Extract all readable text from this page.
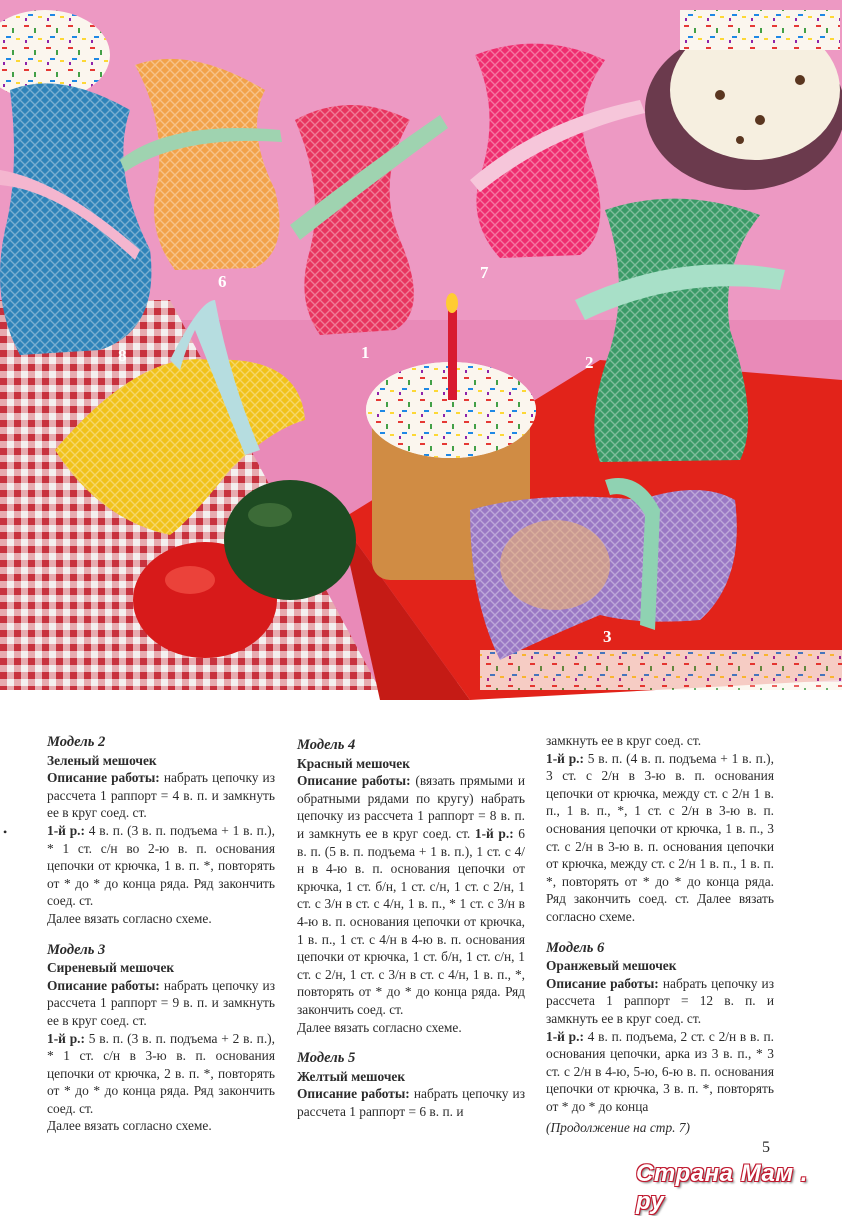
6	7
1
2
8
3
•
Модель 2
Зеленый мешочек
Описание работы: набрать цепочку из рассчета 1 раппорт = 4 в. п. и замкнуть ее в круг соед. ст.
1-й р.: 4 в. п. (3 в. п. подъема + 1 в. п.), * 1 ст. с/н во 2-ю в. п. основания цепочки от крючка, 1 в. п. *, повторять от * до * до конца ряда. Ряд закончить соед. ст.
Далее вязать согласно схеме.
Модель 3
Сиреневый мешочек
Описание работы: набрать цепочку из рассчета 1 раппорт = 9 в. п. и замкнуть ее в круг соед. ст.
1-й р.: 5 в. п. (3 в. п. подъема + 2 в. п.), * 1 ст. с/н в 3-ю в. п. основания цепочки от крючка, 2 в. п. *, повторять от * до * до конца ряда. Ряд закончить соед. ст.
Далее вязать согласно схеме.
Модель 4
Красный мешочек
Описание работы: (вязать прямыми и обратными рядами по кругу) набрать цепочку из рассчета 1 раппорт = 8 в. п. и замкнуть ее в круг соед. ст. 1-й р.: 6 в. п. (5 в. п. подъема + 1 в. п.), 1 ст. с 4/н в 4-ю в. п. основания цепочки от крючка, 1 ст. б/н, 1 ст. с/н, 1 ст. с 2/н, 1 ст. с 3/н в ст. с 4/н, 1 в. п., * 1 ст. с 3/н в 4-ю в. п. основания цепочки от крючка, 1 в. п., 1 ст. с 4/н в 4-ю в. п. основания цепочки от крючка, 1 ст. б/н, 1 ст. с/н, 1 ст. с 2/н, 1 ст. с 3/н в ст. с 4/н, 1 в. п., *, повторять от * до * до конца ряда. Ряд закончить соед. ст.
Далее вязать согласно схеме.
Модель 5
Желтый мешочек
Описание работы: набрать цепочку из рассчета 1 раппорт = 6 в. п. и
замкнуть ее в круг соед. ст.
1-й р.: 5 в. п. (4 в. п. подъема + 1 в. п.), 3 ст. с 2/н в 3-ю в. п. основания цепочки от крючка, между ст. с 2/н 1 в. п., 1 в. п., *, 1 ст. с 2/н в 3-ю в. п. основания цепочки от крючка, 1 в. п., 3 ст. с 2/н в 3-ю в. п. основания цепочки от крючка, между ст. с 2/н 1 в. п., 1 в. п. *, повторять от * до * до конца ряда. Ряд закончить соед. ст. Далее вязать согласно схеме.
Модель 6
Оранжевый мешочек
Описание работы: набрать цепочку из рассчета 1 раппорт = 12 в. п. и замкнуть ее в круг соед. ст.
1-й р.: 4 в. п. подъема, 2 ст. с 2/н в в. п. основания цепочки, арка из 3 в. п., * 3 ст. с 2/н в 4-ю, 5-ю, 6-ю в. п. основания цепочки от крючка, 3 в. п. *, повторять от * до * до конца
(Продолжение на стр. 7)
5
Страна Мам . ру
